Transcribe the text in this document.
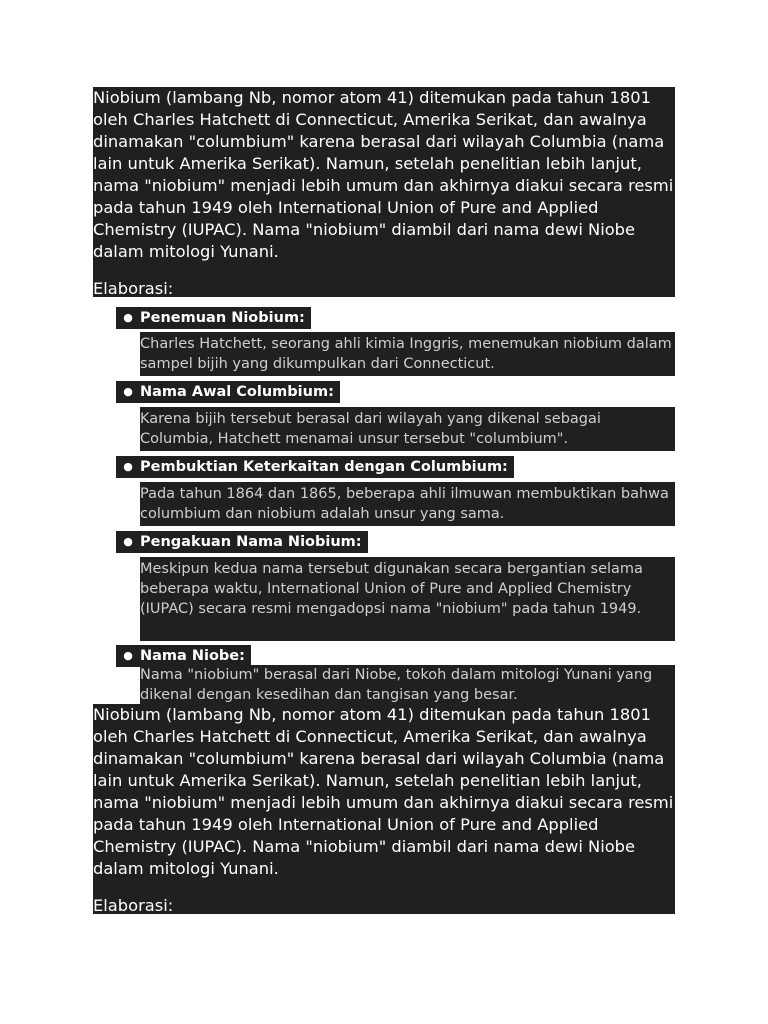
Niobium (lambang Nb, nomor atom 41) ditemukan pada tahun 1801 oleh Charles Hatchett di Connecticut, Amerika Serikat, dan awalnya dinamakan "columbium" karena berasal dari wilayah Columbia (nama lain untuk Amerika Serikat). Namun, setelah penelitian lebih lanjut, nama "niobium" menjadi lebih umum dan akhirnya diakui secara resmi pada tahun 1949 oleh International Union of Pure and Applied Chemistry (IUPAC). Nama "niobium" diambil dari nama dewi Niobe dalam mitologi Yunani.

Elaborasi:

● Penemuan Niobium:
Charles Hatchett, seorang ahli kimia Inggris, menemukan niobium dalam sampel bijih yang dikumpulkan dari Connecticut.
● Nama Awal Columbium:
Karena bijih tersebut berasal dari wilayah yang dikenal sebagai Columbia, Hatchett menamai unsur tersebut "columbium".
● Pembuktian Keterkaitan dengan Columbium:
Pada tahun 1864 dan 1865, beberapa ahli ilmuwan membuktikan bahwa columbium dan niobium adalah unsur yang sama.
● Pengakuan Nama Niobium:
Meskipun kedua nama tersebut digunakan secara bergantian selama beberapa waktu, International Union of Pure and Applied Chemistry (IUPAC) secara resmi mengadopsi nama "niobium" pada tahun 1949.
● Nama Niobe:
Nama "niobium" berasal dari Niobe, tokoh dalam mitologi Yunani yang dikenal dengan kesedihan dan tangisan yang besar.

Niobium (lambang Nb, nomor atom 41) ditemukan pada tahun 1801 oleh Charles Hatchett di Connecticut, Amerika Serikat, dan awalnya dinamakan "columbium" karena berasal dari wilayah Columbia (nama lain untuk Amerika Serikat). Namun, setelah penelitian lebih lanjut, nama "niobium" menjadi lebih umum dan akhirnya diakui secara resmi pada tahun 1949 oleh International Union of Pure and Applied Chemistry (IUPAC). Nama "niobium" diambil dari nama dewi Niobe dalam mitologi Yunani.

Elaborasi:
